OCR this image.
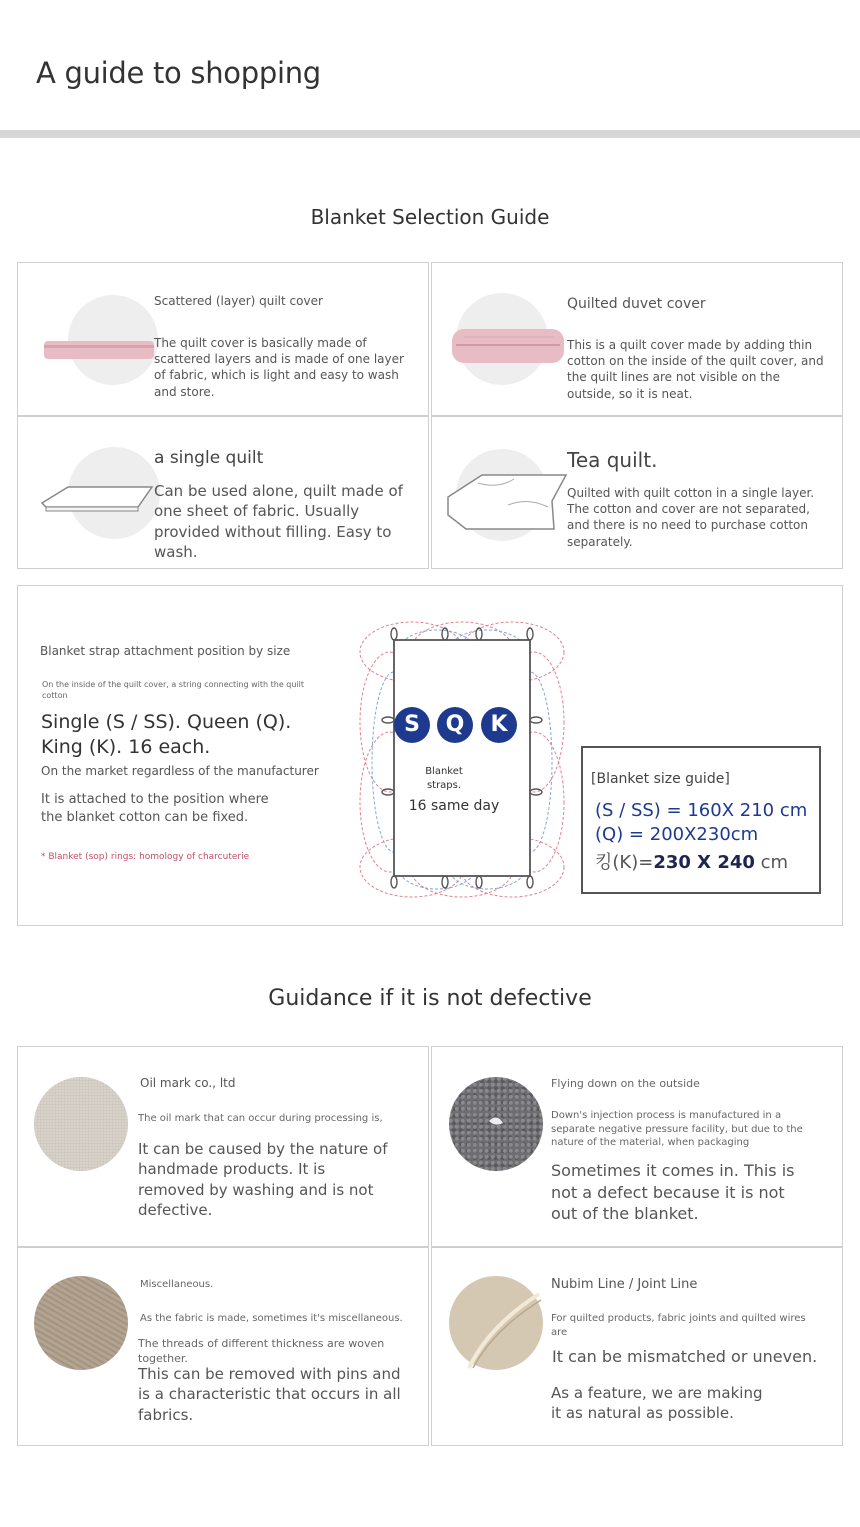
A guide to shopping
Blanket Selection Guide
Scattered (layer) quilt cover
The quilt cover is basically made of scattered layers and is made of one layer of fabric, which is light and easy to wash and store.
Quilted duvet cover
This is a quilt cover made by adding thin cotton on the inside of the quilt cover, and the quilt lines are not visible on the outside, so it is neat.
a single quilt
Can be used alone, quilt made of one sheet of fabric. Usually provided without filling. Easy to wash.
Tea quilt.
Quilted with quilt cotton in a single layer. The cotton and cover are not separated, and there is no need to purchase cotton separately.
Blanket strap attachment position by size
On the inside of the quilt cover, a string connecting with the quilt cotton
Single (S / SS). Queen (Q). King (K). 16 each.
On the market regardless of the manufacturer
It is attached to the position where the blanket cotton can be fixed.
* Blanket (sop) rings: homology of charcuterie
S	Q	K
Blanket straps.
16 same day
[Blanket size guide]
(S / SS) = 160X 210 cm (Q) = 200X230cm
킹(K)=230 X 240 cm
Guidance if it is not defective
Oil mark co., ltd
The oil mark that can occur during processing is,
It can be caused by the nature of handmade products. It is removed by washing and is not defective.
Flying down on the outside
Down's injection process is manufactured in a separate negative pressure facility, but due to the nature of the material, when packaging
Sometimes it comes in. This is not a defect because it is not out of the blanket.
Miscellaneous.
As the fabric is made, sometimes it's miscellaneous.
The threads of different thickness are woven together.
This can be removed with pins and is a characteristic that occurs in all fabrics.
Nubim Line / Joint Line
For quilted products, fabric joints and quilted wires are
It can be mismatched or uneven.
As a feature, we are making it as natural as possible.
